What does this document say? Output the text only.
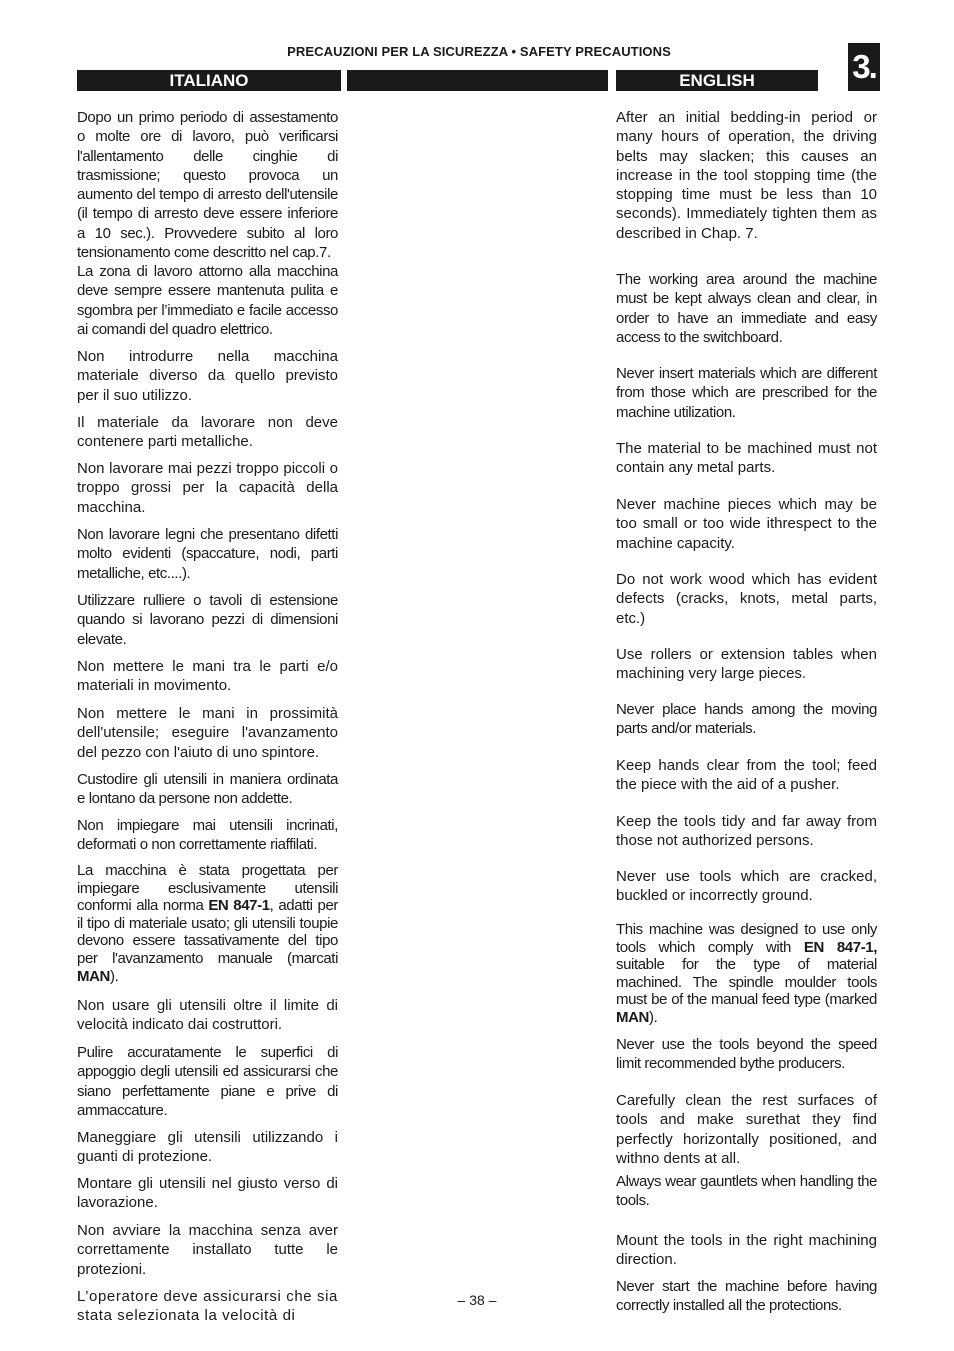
PRECAUZIONI PER LA SICUREZZA • SAFETY PRECAUTIONS	3.
ITALIANO	ENGLISH

Dopo un primo periodo di assestamento o molte ore di lavoro, può verificarsi l'allentamento delle cinghie di trasmissione; questo provoca un aumento del tempo di arresto dell'utensile (il tempo di arresto deve essere inferiore a 10 sec.). Provvedere subito al loro tensionamento come descritto nel cap.7.

La zona di lavoro attorno alla macchina deve sempre essere mantenuta pulita e sgombra per l’immediato e facile accesso ai comandi del quadro elettrico.

Non introdurre nella macchina materiale diverso da quello previsto per il suo utilizzo.

Il materiale da lavorare non deve contenere parti metalliche.

Non lavorare mai pezzi troppo piccoli o troppo grossi per la capacità della macchina.

Non lavorare legni che presentano difetti molto evidenti (spaccature, nodi, parti metalliche, etc....).

Utilizzare rulliere o tavoli di estensione quando si lavorano pezzi di dimensioni elevate.

Non mettere le mani tra le parti e/o materiali in movimento.

Non mettere le mani in prossimità dell'utensile; eseguire l'avanzamento del pezzo con l'aiuto di uno spintore.

Custodire gli utensili in maniera ordinata e lontano da persone non addette.

Non impiegare mai utensili incrinati, deformati o non correttamente riaffilati.

La macchina è stata progettata per impiegare esclusivamente utensili conformi alla norma EN 847-1, adatti per il tipo di materiale usato; gli utensili toupie devono essere tassativamente del tipo per l'avanzamento manuale (marcati MAN).

Non usare gli utensili oltre il limite di velocità indicato dai costruttori.

Pulire accuratamente le superfici di appoggio degli utensili ed assicurarsi che siano perfettamente piane e prive di ammaccature.

Maneggiare gli utensili utilizzando i guanti di protezione.

Montare gli utensili nel giusto verso di lavorazione.

Non avviare la macchina senza aver correttamente installato tutte le protezioni.

L’operatore deve assicurarsi che sia stata selezionata la velocità di

After an initial bedding-in period or many hours of operation, the driving belts may slacken; this causes an increase in the tool stopping time (the stopping time must be less than 10 seconds). Immediately tighten them as described in Chap. 7.

The working area around the machine must be kept always clean and clear, in order to have an immediate and easy access to the switchboard.

Never insert materials which are different from those which are prescribed for the machine utilization.

The material to be machined must not contain any metal parts.

Never machine pieces which may be too small or too wide ithrespect to the machine capacity.

Do not work wood which has evident defects (cracks, knots, metal parts, etc.)

Use rollers or extension tables when machining very large pieces.

Never place hands among the moving parts and/or materials.

Keep hands clear from the tool; feed the piece with the aid of a pusher.

Keep the tools tidy and far away from those not authorized persons.

Never use tools which are cracked, buckled or incorrectly ground.

This machine was designed to use only tools which comply with EN 847-1, suitable for the type of material machined. The spindle moulder tools must be of the manual feed type (marked MAN).

Never use the tools beyond the speed limit recommended bythe producers.

Carefully clean the rest surfaces of tools and make surethat they find perfectly horizontally positioned, and withno dents at all.

Always wear gauntlets when handling the tools.

Mount the tools in the right machining direction.

Never start the machine before having correctly installed all the protections.

– 38 –
